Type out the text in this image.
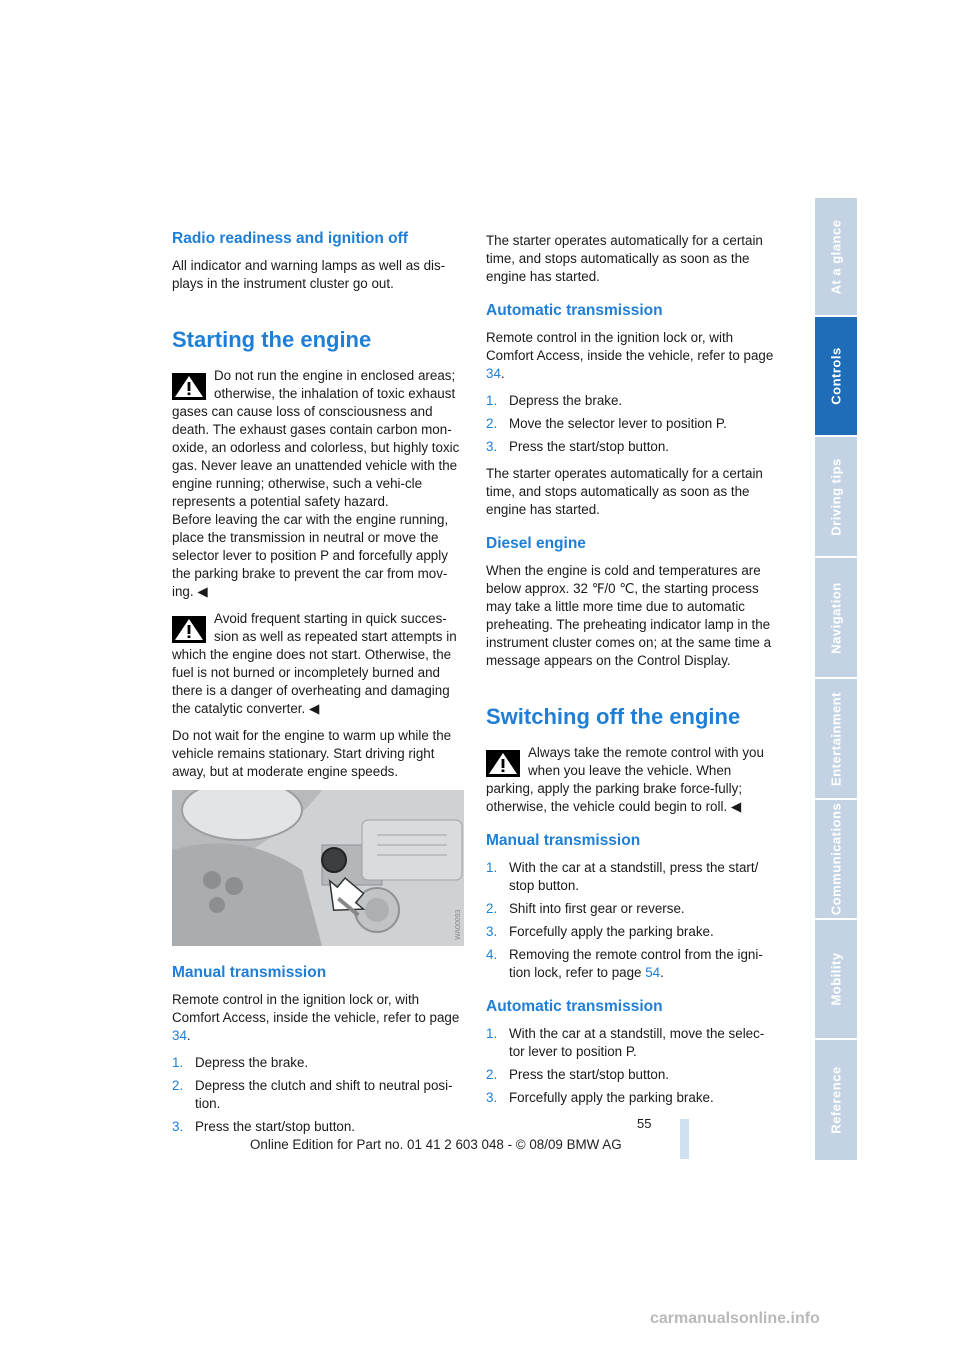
Radio readiness and ignition off

All indicator and warning lamps as well as dis-plays in the instrument cluster go out.

Starting the engine

Do not run the engine in enclosed areas; otherwise, the inhalation of toxic exhaust gases can cause loss of consciousness and death. The exhaust gases contain carbon mon-oxide, an odorless and colorless, but highly toxic gas. Never leave an unattended vehicle with the engine running; otherwise, such a vehi-cle represents a potential safety hazard.

Before leaving the car with the engine running, place the transmission in neutral or move the selector lever to position P and forcefully apply the parking brake to prevent the car from mov-ing. ◀

Avoid frequent starting in quick succes-sion as well as repeated start attempts in which the engine does not start. Otherwise, the fuel is not burned or incompletely burned and there is a danger of overheating and damaging the catalytic converter. ◀

Do not wait for the engine to warm up while the vehicle remains stationary. Start driving right away, but at moderate engine speeds.

WA00093
Manual transmission

Remote control in the ignition lock or, with Comfort Access, inside the vehicle, refer to page 34.

1. Depress the brake.
2. Depress the clutch and shift to neutral posi-tion.
3. Press the start/stop button.

The starter operates automatically for a certain time, and stops automatically as soon as the engine has started.

Automatic transmission

Remote control in the ignition lock or, with Comfort Access, inside the vehicle, refer to page 34.

1. Depress the brake.
2. Move the selector lever to position P.
3. Press the start/stop button.

The starter operates automatically for a certain time, and stops automatically as soon as the engine has started.

Diesel engine

When the engine is cold and temperatures are below approx. 32 ℉/0 ℃, the starting process may take a little more time due to automatic preheating. The preheating indicator lamp in the instrument cluster comes on; at the same time a message appears on the Control Display.

Switching off the engine

Always take the remote control with you when you leave the vehicle. When parking, apply the parking brake force-fully; otherwise, the vehicle could begin to roll. ◀

Manual transmission
1. With the car at a standstill, press the start/ stop button.
2. Shift into first gear or reverse.
3. Forcefully apply the parking brake.
4. Removing the remote control from the igni-tion lock, refer to page 54.
Automatic transmission
1. With the car at a standstill, move the selec-tor lever to position P.
2. Press the start/stop button.
3. Forcefully apply the parking brake.
At a glance
Controls
Driving tips
Navigation
Entertainment
Communications
Mobility
Reference
55
Online Edition for Part no. 01 41 2 603 048 - © 08/09 BMW AG
carmanualsonline.info
